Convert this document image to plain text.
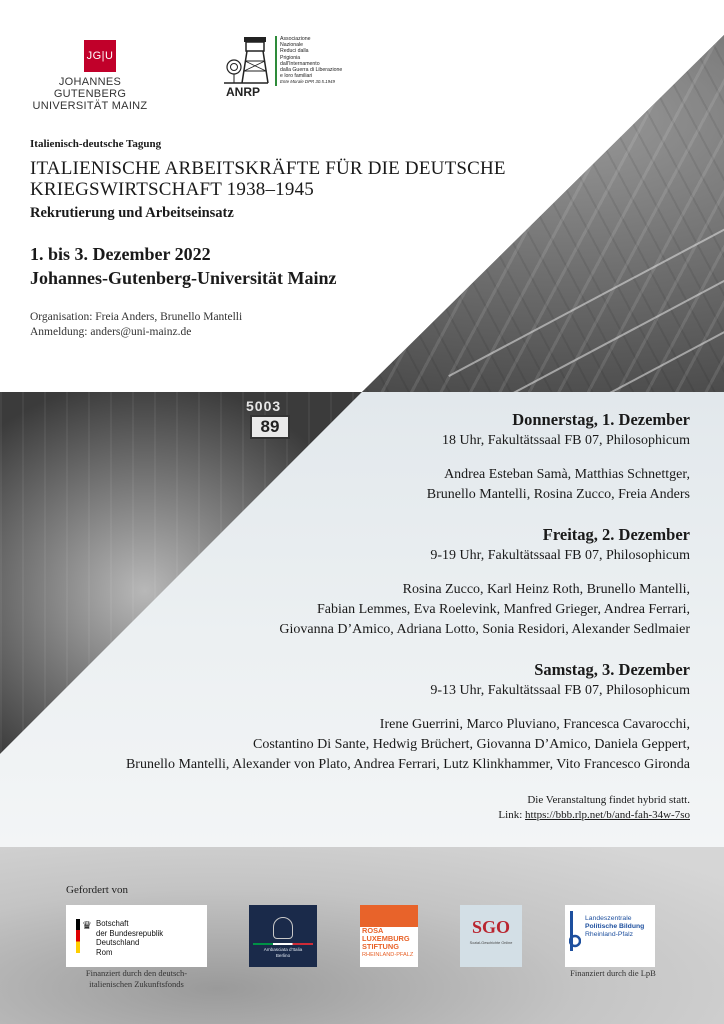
5003
89
JG|U
JOHANNES GUTENBERG
UNIVERSITÄT MAINZ
ANRP
Associazione
Nazionale
Reduci dalla
Prigionia
dall'Internamento
dalla Guerra di Liberazione
e loro familiari
Ente Morale DPR 30.5.1949
Italienisch-deutsche Tagung
ITALIENISCHE ARBEITSKRÄFTE FÜR DIE DEUTSCHE KRIEGSWIRTSCHAFT 1938–1945
Rekrutierung und Arbeitseinsatz
1. bis 3. Dezember 2022
Johannes-Gutenberg-Universität Mainz
Organisation: Freia Anders, Brunello Mantelli
Anmeldung: anders@uni-mainz.de
Donnerstag, 1. Dezember
18 Uhr, Fakultätssaal FB 07, Philosophicum
Andrea Esteban Samà, Matthias Schnettger,
Brunello Mantelli, Rosina Zucco, Freia Anders
Freitag, 2. Dezember
9-19 Uhr, Fakultätssaal FB 07, Philosophicum
Rosina Zucco, Karl Heinz Roth, Brunello Mantelli,
Fabian Lemmes, Eva Roelevink, Manfred Grieger, Andrea Ferrari,
Giovanna D’Amico, Adriana Lotto, Sonia Residori, Alexander Sedlmaier
Samstag, 3. Dezember
9-13 Uhr, Fakultätssaal FB 07, Philosophicum
Irene Guerrini, Marco Pluviano, Francesca Cavarocchi,
Costantino Di Sante, Hedwig Brüchert, Giovanna D’Amico, Daniela Geppert,
Brunello Mantelli, Alexander von Plato, Andrea Ferrari, Lutz Klinkhammer, Vito Francesco Gironda
Die Veranstaltung findet hybrid statt.
Link: https://bbb.rlp.net/b/and-fah-34w-7so
Gefordert von
♛ Botschaft
der Bundesrepublik Deutschland
Rom	Ambasciata d'Italia
Berlino
ROSA
LUXEMBURG
STIFTUNG
RHEINLAND-PFALZ
SGO
Sozial-Geschichte Online
Landeszentrale
Politische Bildung
Rheinland-Pfalz
Finanziert durch den deutsch-italienischen Zukunftsfonds
Finanziert durch die LpB
